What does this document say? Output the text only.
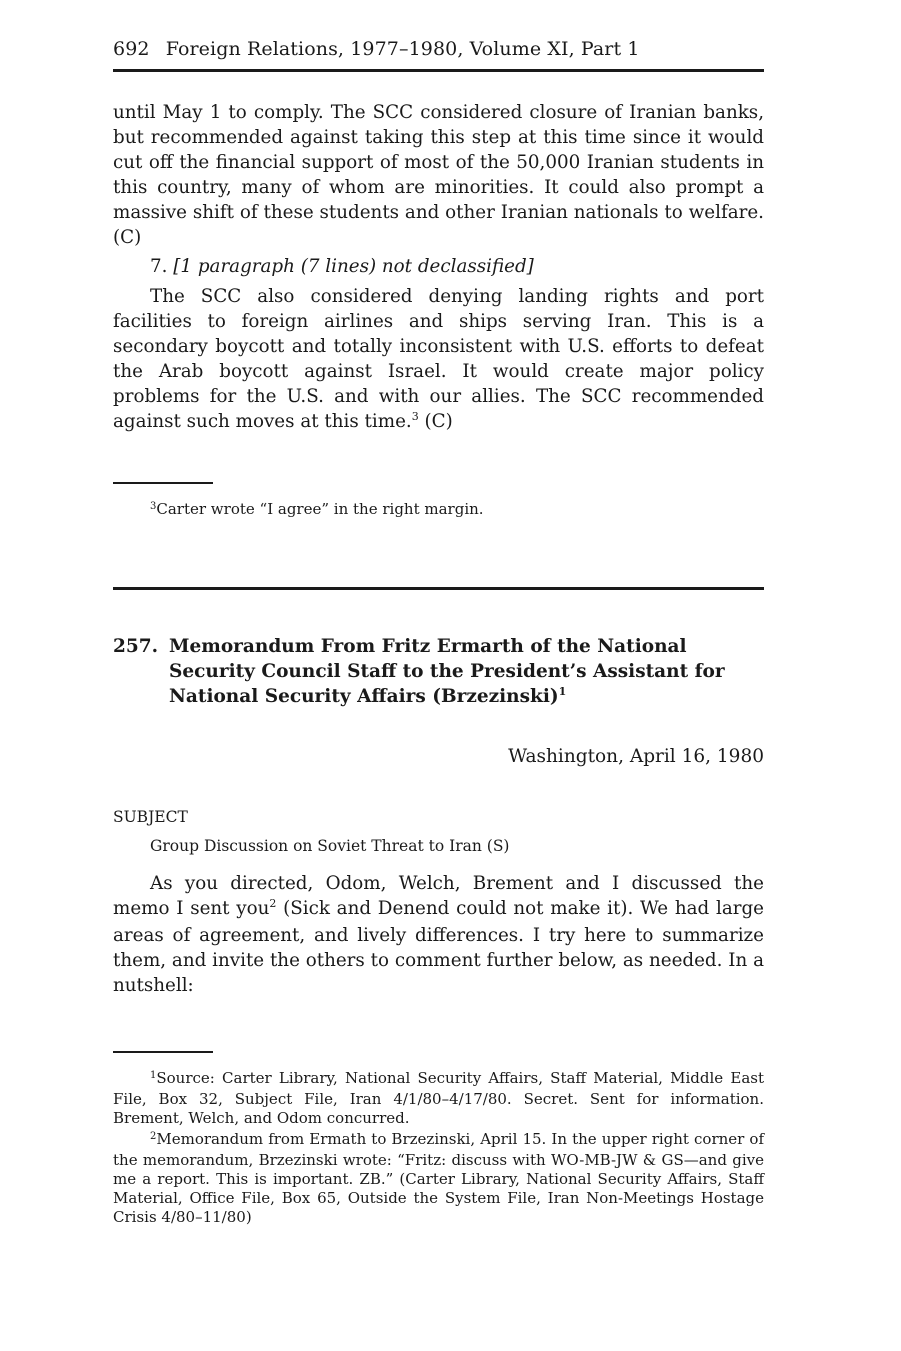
692 Foreign Relations, 1977–1980, Volume XI, Part 1

until May 1 to comply. The SCC considered closure of Iranian banks, but recommended against taking this step at this time since it would cut off the financial support of most of the 50,000 Iranian students in this country, many of whom are minorities. It could also prompt a massive shift of these students and other Iranian nationals to welfare. (C)

7. [1 paragraph (7 lines) not declassified]

The SCC also considered denying landing rights and port facilities to foreign airlines and ships serving Iran. This is a secondary boycott and totally inconsistent with U.S. efforts to defeat the Arab boycott against Israel. It would create major policy problems for the U.S. and with our allies. The SCC recommended against such moves at this time.$^3$ (C)

$^3$Carter wrote “I agree” in the right margin.

257. Memorandum From Fritz Ermarth of the National Security Council Staff to the President’s Assistant for National Security Affairs (Brzezinski)$^1$
Washington, April 16, 1980
SUBJECT
Group Discussion on Soviet Threat to Iran (S)

As you directed, Odom, Welch, Brement and I discussed the memo I sent you$^2$ (Sick and Denend could not make it). We had large areas of agreement, and lively differences. I try here to summarize them, and invite the others to comment further below, as needed. In a nutshell:

$^1$Source: Carter Library, National Security Affairs, Staff Material, Middle East File, Box 32, Subject File, Iran 4/1/80–4/17/80. Secret. Sent for information. Brement, Welch, and Odom concurred.

$^2$Memorandum from Ermath to Brzezinski, April 15. In the upper right corner of the memorandum, Brzezinski wrote: “Fritz: discuss with WO-MB-JW & GS—and give me a report. This is important. ZB.” (Carter Library, National Security Affairs, Staff Material, Office File, Box 65, Outside the System File, Iran Non-Meetings Hostage Crisis 4/80–11/80)
